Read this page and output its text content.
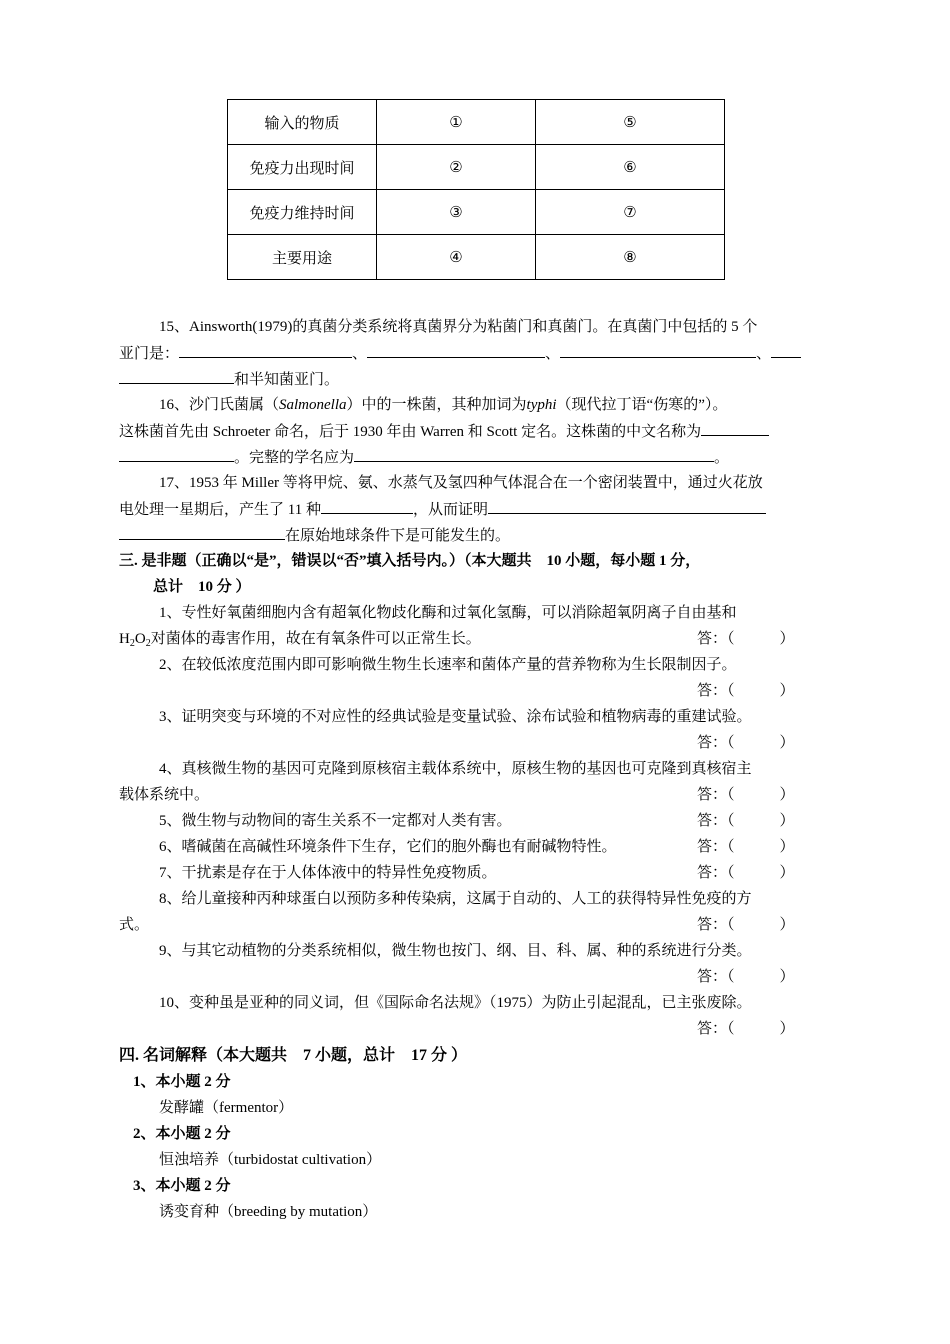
输入的物质	①	⑤
免疫力出现时间	②	⑥
免疫力维持时间	③	⑦
主要用途	④	⑧
15、Ainsworth(1979)的真菌分类系统将真菌界分为粘菌门和真菌门。在真菌门中包括的 5 个
亚门是：	、	、	、
和半知菌亚门。
16、沙门氏菌属（Salmonella）中的一株菌，其种加词为typhi（现代拉丁语“伤寒的”）。
这株菌首先由 Schroeter 命名，后于 1930 年由 Warren 和 Scott 定名。这株菌的中文名称为
。完整的学名应为	。
17、1953 年 Miller 等将甲烷、氨、水蒸气及氢四种气体混合在一个密闭装置中，通过火花放
电处理一星期后，产生了 11 种	，从而证明
在原始地球条件下是可能发生的。
三. 是非题（正确以“是”，错误以“否”填入括号内。）（本大题共　10 小题，每小题 1 分，
总计　10 分 ）
1、专性好氧菌细胞内含有超氧化物歧化酶和过氧化氢酶，可以消除超氧阴离子自由基和
$H_2O_2$对菌体的毒害作用，故在有氧条件可以正常生长。	答：（　　　）
2、在较低浓度范围内即可影响微生物生长速率和菌体产量的营养物称为生长限制因子。
答：（　　　）
3、证明突变与环境的不对应性的经典试验是变量试验、涂布试验和植物病毒的重建试验。
答：（　　　）
4、真核微生物的基因可克隆到原核宿主载体系统中，原核生物的基因也可克隆到真核宿主
载体系统中。	答：（　　　）
5、微生物与动物间的寄生关系不一定都对人类有害。	答：（　　　）
6、嗜碱菌在高碱性环境条件下生存，它们的胞外酶也有耐碱物特性。	答：（　　　）
7、干扰素是存在于人体体液中的特异性免疫物质。	答：（　　　）
8、给儿童接种丙种球蛋白以预防多种传染病，这属于自动的、人工的获得特异性免疫的方
式。	答：（　　　）
9、与其它动植物的分类系统相似，微生物也按门、纲、目、科、属、种的系统进行分类。
答：（　　　）
10、变种虽是亚种的同义词，但《国际命名法规》（1975）为防止引起混乱，已主张废除。
答：（　　　）
四. 名词解释（本大题共　7 小题，总计　17 分 ）
1、本小题 2 分
发酵罐（fermentor）
2、本小题 2 分
恒浊培养（turbidostat cultivation）
3、本小题 2 分
诱变育种（breeding by mutation）
